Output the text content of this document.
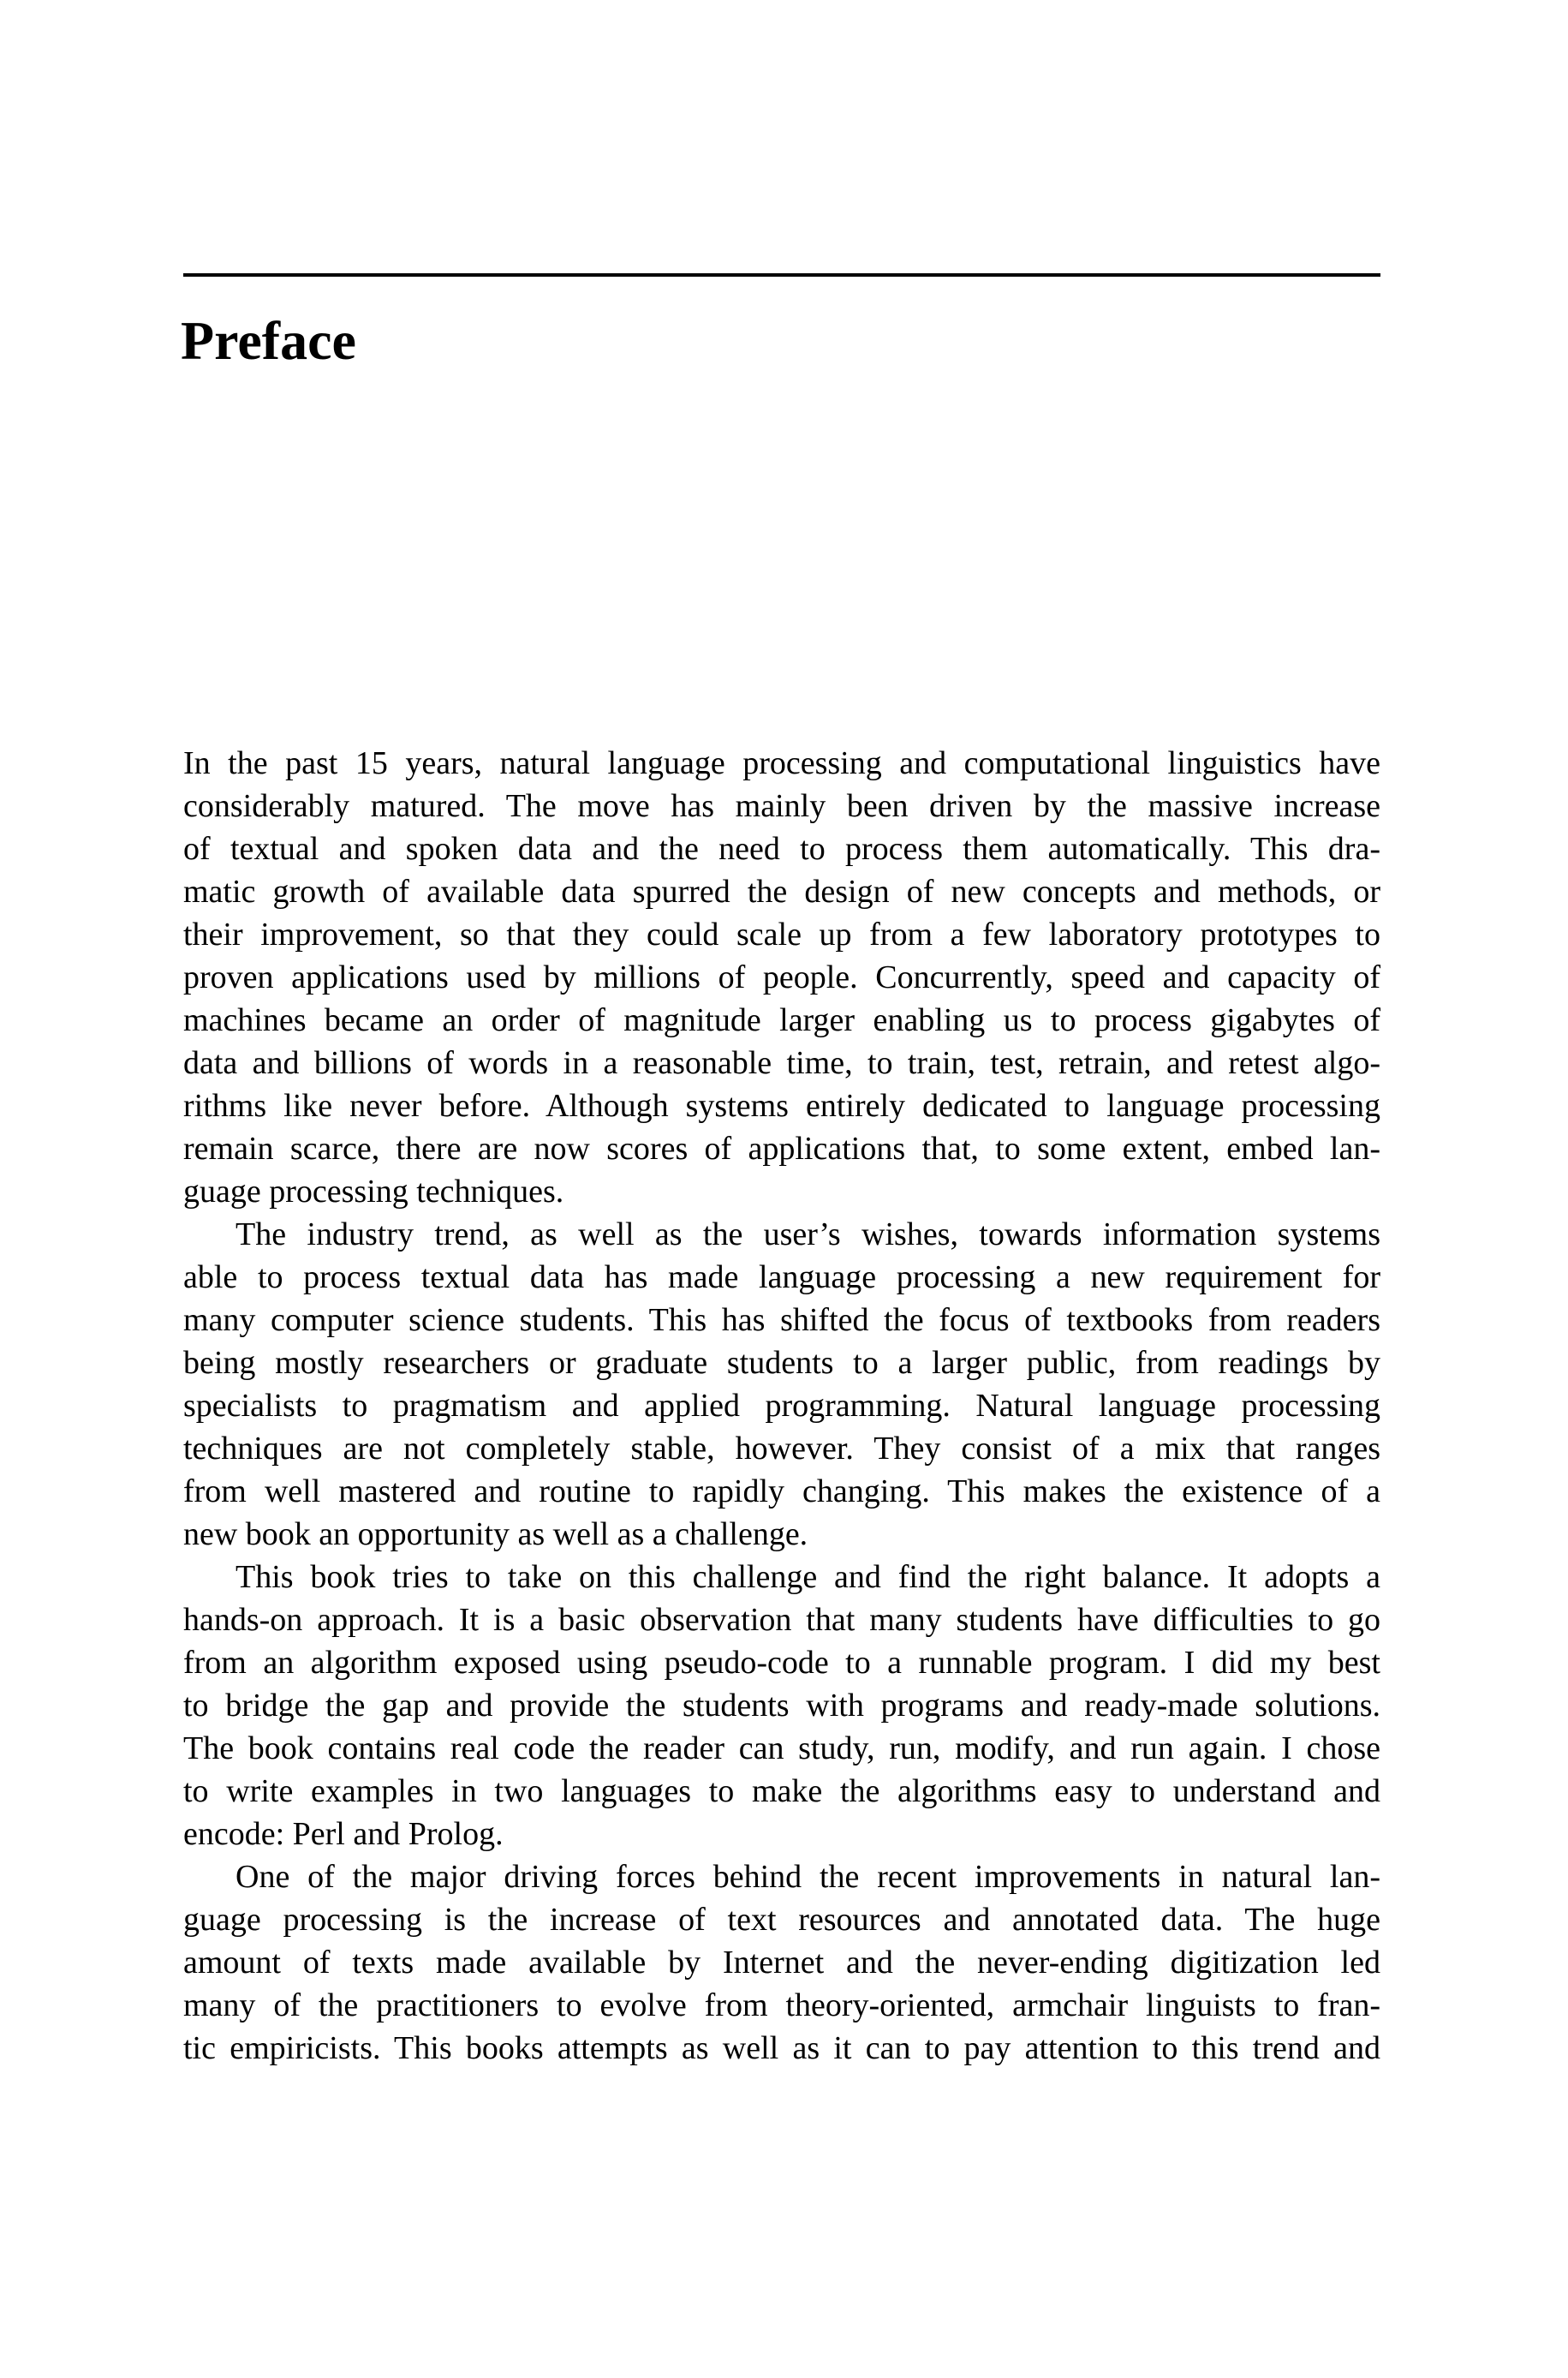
Preface
In the past 15 years, natural language processing and computational linguistics have
considerably matured. The move has mainly been driven by the massive increase
of textual and spoken data and the need to process them automatically. This dra-
matic growth of available data spurred the design of new concepts and methods, or
their improvement, so that they could scale up from a few laboratory prototypes to
proven applications used by millions of people. Concurrently, speed and capacity of
machines became an order of magnitude larger enabling us to process gigabytes of
data and billions of words in a reasonable time, to train, test, retrain, and retest algo-
rithms like never before. Although systems entirely dedicated to language processing
remain scarce, there are now scores of applications that, to some extent, embed lan-
guage processing techniques.
The industry trend, as well as the user’s wishes, towards information systems
able to process textual data has made language processing a new requirement for
many computer science students. This has shifted the focus of textbooks from readers
being mostly researchers or graduate students to a larger public, from readings by
specialists to pragmatism and applied programming. Natural language processing
techniques are not completely stable, however. They consist of a mix that ranges
from well mastered and routine to rapidly changing. This makes the existence of a
new book an opportunity as well as a challenge.
This book tries to take on this challenge and find the right balance. It adopts a
hands-on approach. It is a basic observation that many students have difficulties to go
from an algorithm exposed using pseudo-code to a runnable program. I did my best
to bridge the gap and provide the students with programs and ready-made solutions.
The book contains real code the reader can study, run, modify, and run again. I chose
to write examples in two languages to make the algorithms easy to understand and
encode: Perl and Prolog.
One of the major driving forces behind the recent improvements in natural lan-
guage processing is the increase of text resources and annotated data. The huge
amount of texts made available by Internet and the never-ending digitization led
many of the practitioners to evolve from theory-oriented, armchair linguists to fran-
tic empiricists. This books attempts as well as it can to pay attention to this trend and
